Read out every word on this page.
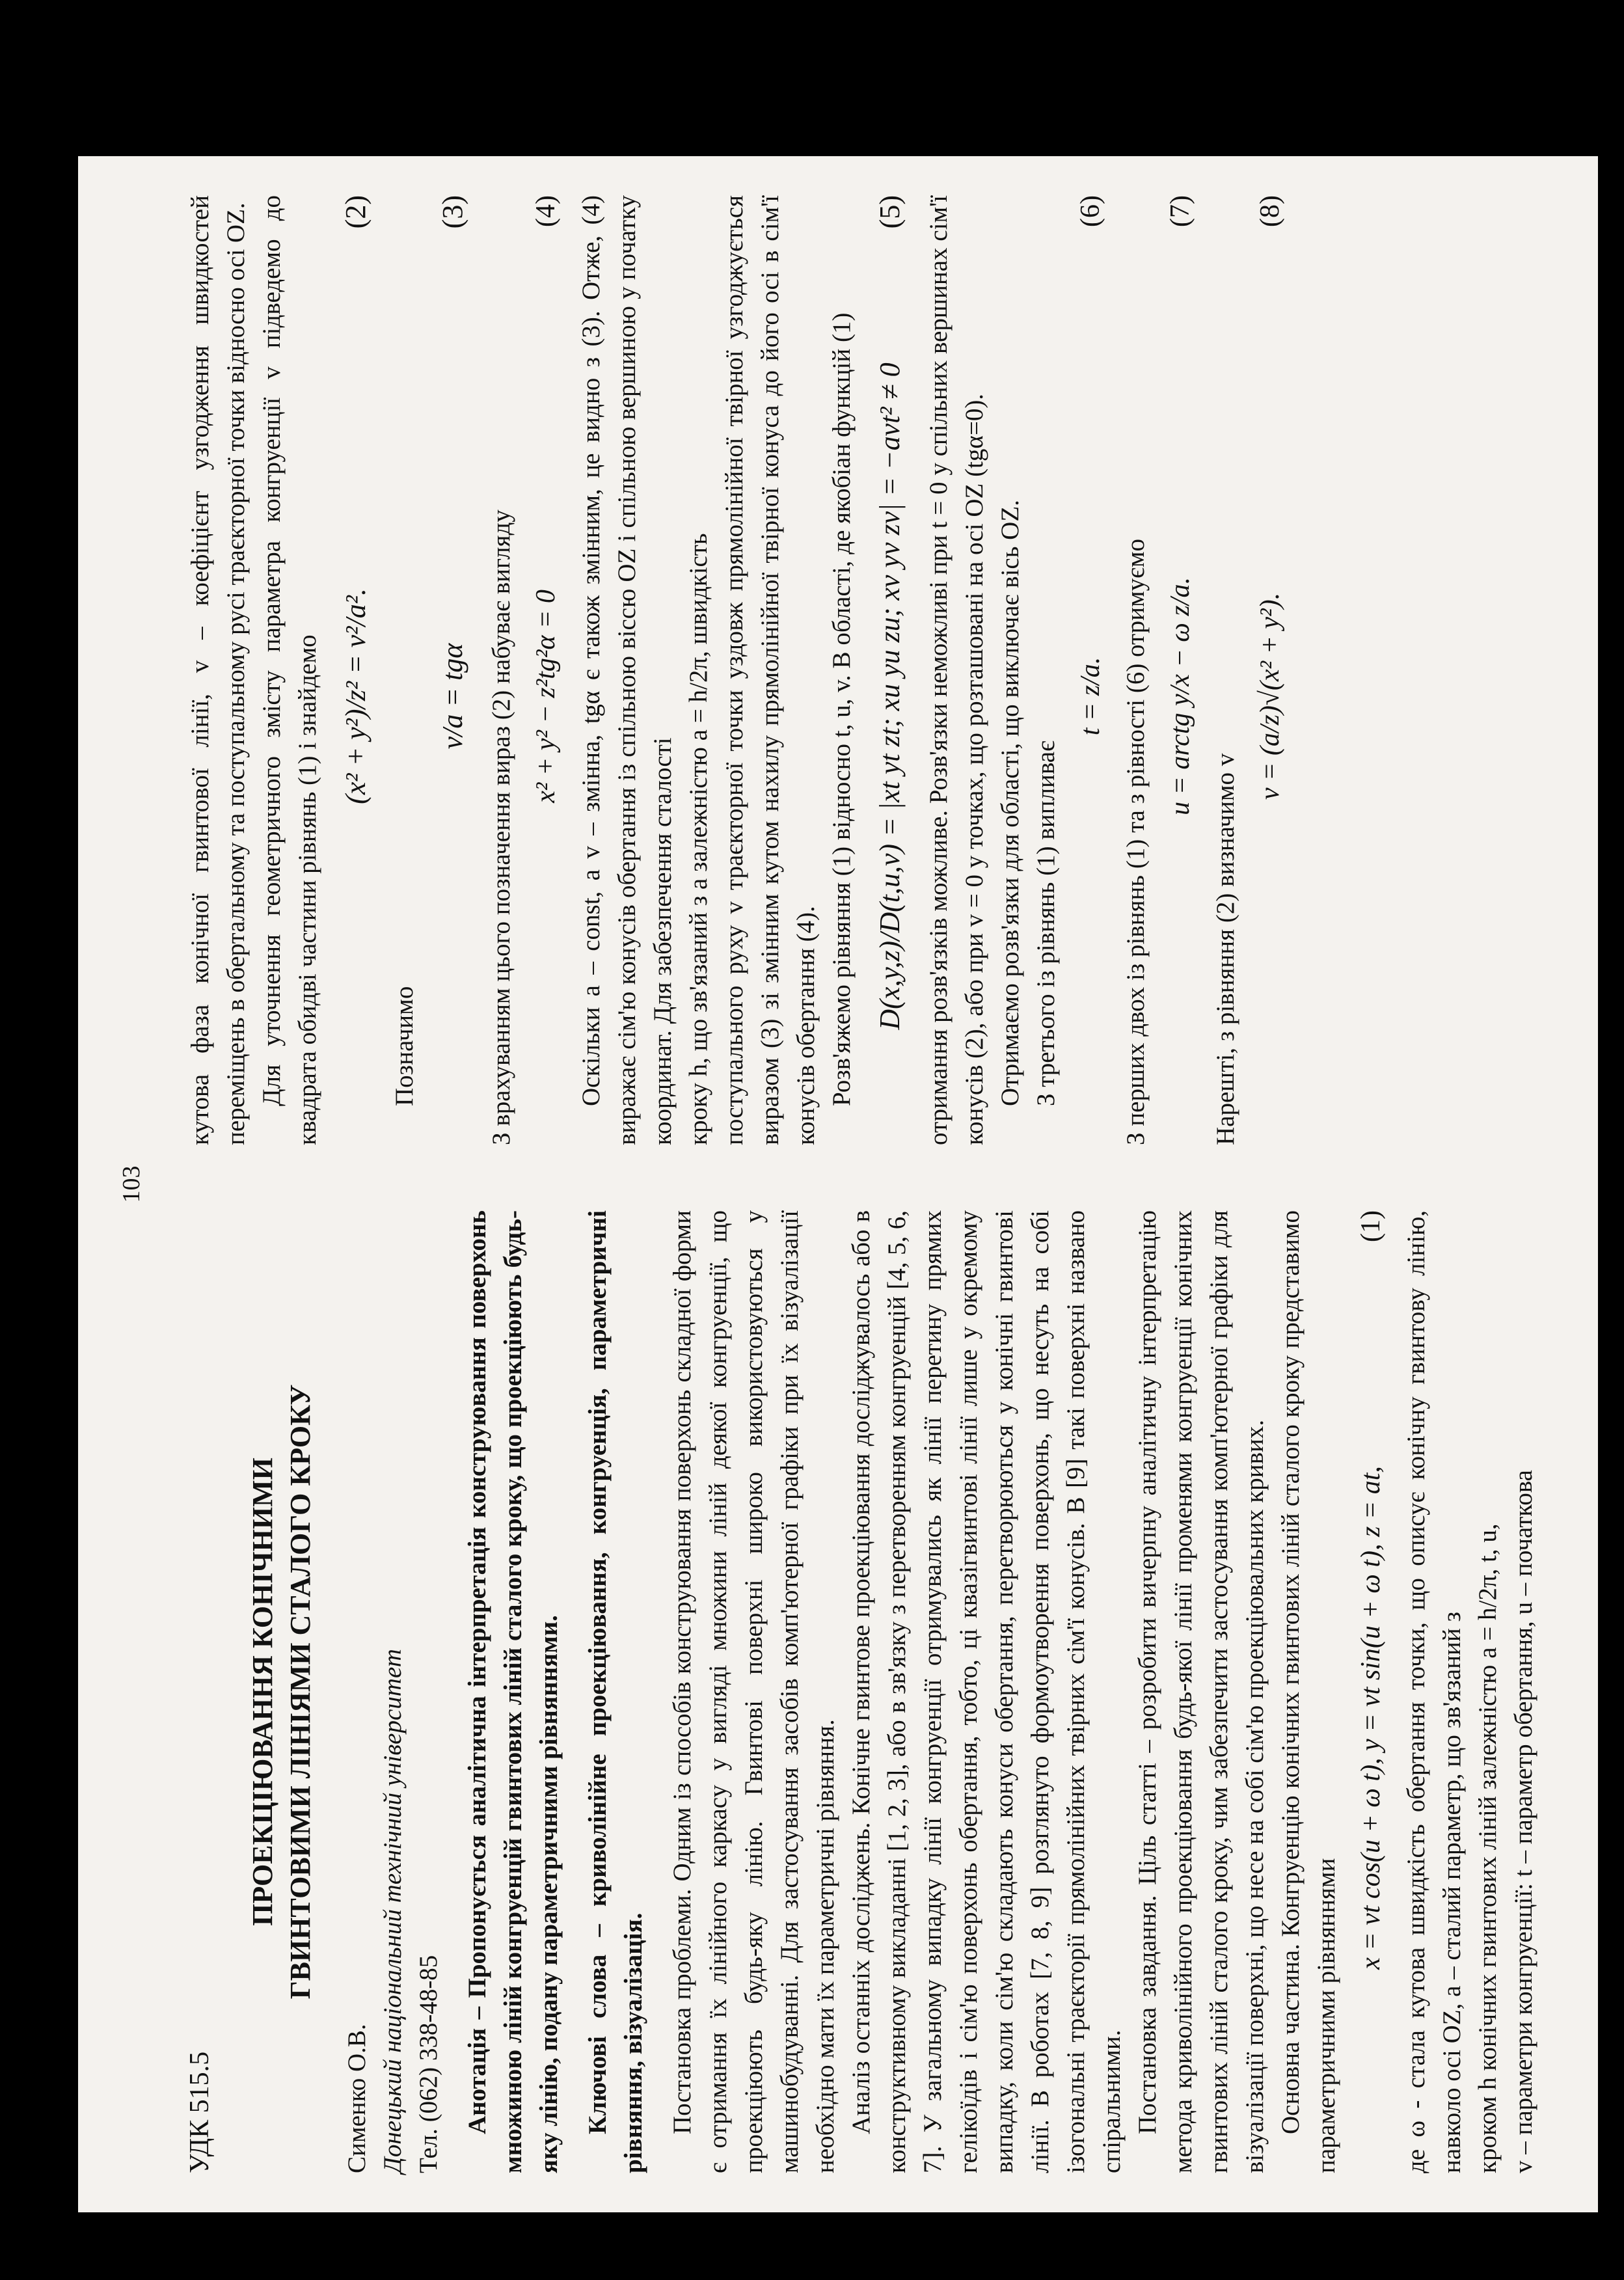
103
УДК 515.5
ПРОЕКЦІЮВАННЯ КОНІЧНИМИ ГВИНТОВИМИ ЛІНІЯМИ СТАЛОГО КРОКУ
Сименко О.В. Донецький національний технічний університет Тел. (062) 338-48-85 Анотація – Пропонується аналітична інтерпретація конструювання поверхонь множиною ліній конгруенцій гвинтових ліній сталого кроку, що проекціюють будь-яку лінію, подану параметричними рівняннями. Ключові слова – криволінійне проекціювання, конгруенція, параметричні рівняння, візуалізація. Постановка проблеми. Одним із способів конструювання поверхонь складної форми є отримання їх лінійного каркасу у вигляді множини ліній деякої конгруенції, що проекціюють будь-яку лінію. Гвинтові поверхні широко використовуються у машинобудуванні. Для застосування засобів комп'ютерної графіки при їх візуалізації необхідно мати їх параметричні рівняння. Аналіз останніх досліджень. Конічне гвинтове проекціювання досліджувалось або в конструктивному викладанні [1, 2, 3], або в зв'язку з перетворенням конгруенцій [4, 5, 6, 7]. У загальному випадку лінії конгруенції отримувались як лінії перетину прямих гелікоїдів і сім'ю поверхонь обертання, тобто, ці квазігвинтові лінії лише у окремому випадку, коли сім'ю складають конуси обертання, перетворюються у конічні гвинтові лінії. В роботах [7, 8, 9] розглянуто формоутворення поверхонь, що несуть на собі ізогональні траєкторії прямолінійних твірних сім'ї конусів. В [9] такі поверхні названо спіральними. Постановка завдання. Ціль статті – розробити вичерпну аналітичну інтерпретацію метода криволінійного проекціювання будь-якої лінії променями конгруенції конічних гвинтових ліній сталого кроку, чим забезпечити застосування комп'ютерної графіки для візуалізації поверхні, що несе на собі сім'ю проекціювальних кривих. Основна частина. Конгруенцію конічних гвинтових ліній сталого кроку представимо параметричними рівняннями

x = vt cos(u + ω t), y = vt sin(u + ω t), z = at,
(1) де ω - стала кутова швидкість обертання точки, що описує конічну гвинтову лінію, навколо осі OZ, a – сталий параметр, що зв'язаний з кроком h конічних гвинтових ліній залежністю a = h/2π, t, u, v – параметри конгруенції: t – параметр обертання, u – початкова

кутова фаза конічної гвинтової лінії, v – коефіцієнт узгодження швидкостей переміщень в обертальному та поступальному русі траєкторної точки відносно осі OZ. Для уточнення геометричного змісту параметра конгруенції v підведемо до квадрата обидві частини рівнянь (1) і знайдемо (x² + y²)/z² = v²/a².
(2)

Позначимо

v/a = tgα
(3)

З врахуванням цього позначення вираз (2) набуває вигляду x² + y² − z²tg²α = 0
(4) Оскільки a – const, а v – змінна, tgα є також змінним, це видно з (3). Отже, (4) виражає сім'ю конусів обертання із спільною віссю OZ і спільною вершиною у початку координат. Для забезпечення сталості кроку h, що зв'язаний з a залежністю a = h/2π, швидкість поступального руху v траєкторної точки уздовж прямолінійної твірної узгоджується виразом (3) зі змінним кутом нахилу прямолінійної твірної конуса до його осі в сім'ї конусів обертання (4). Розв'яжемо рівняння (1) відносно t, u, v. В області, де якобіан функцій (1) D(x,y,z)/D(t,u,v) = |xt yt zt; xu yu zu; xv yv zv| = −avt² ≠ 0
(5) отримання розв'язків можливе. Розв'язки неможливі при t = 0 у спільних вершинах сім'ї конусів (2), або при v = 0 у точках, що розташовані на осі OZ (tgα=0). Отримаємо розв'язки для області, що виключає вісь OZ. З третього із рівнянь (1) випливає

t = z/a.
(6)

З перших двох із рівнянь (1) та з рівності (6) отримуємо u = arctg y/x − ω z/a.
(7)

Нарешті, з рівняння (2) визначимо v

v = (a/z)√(x² + y²).
(8)
